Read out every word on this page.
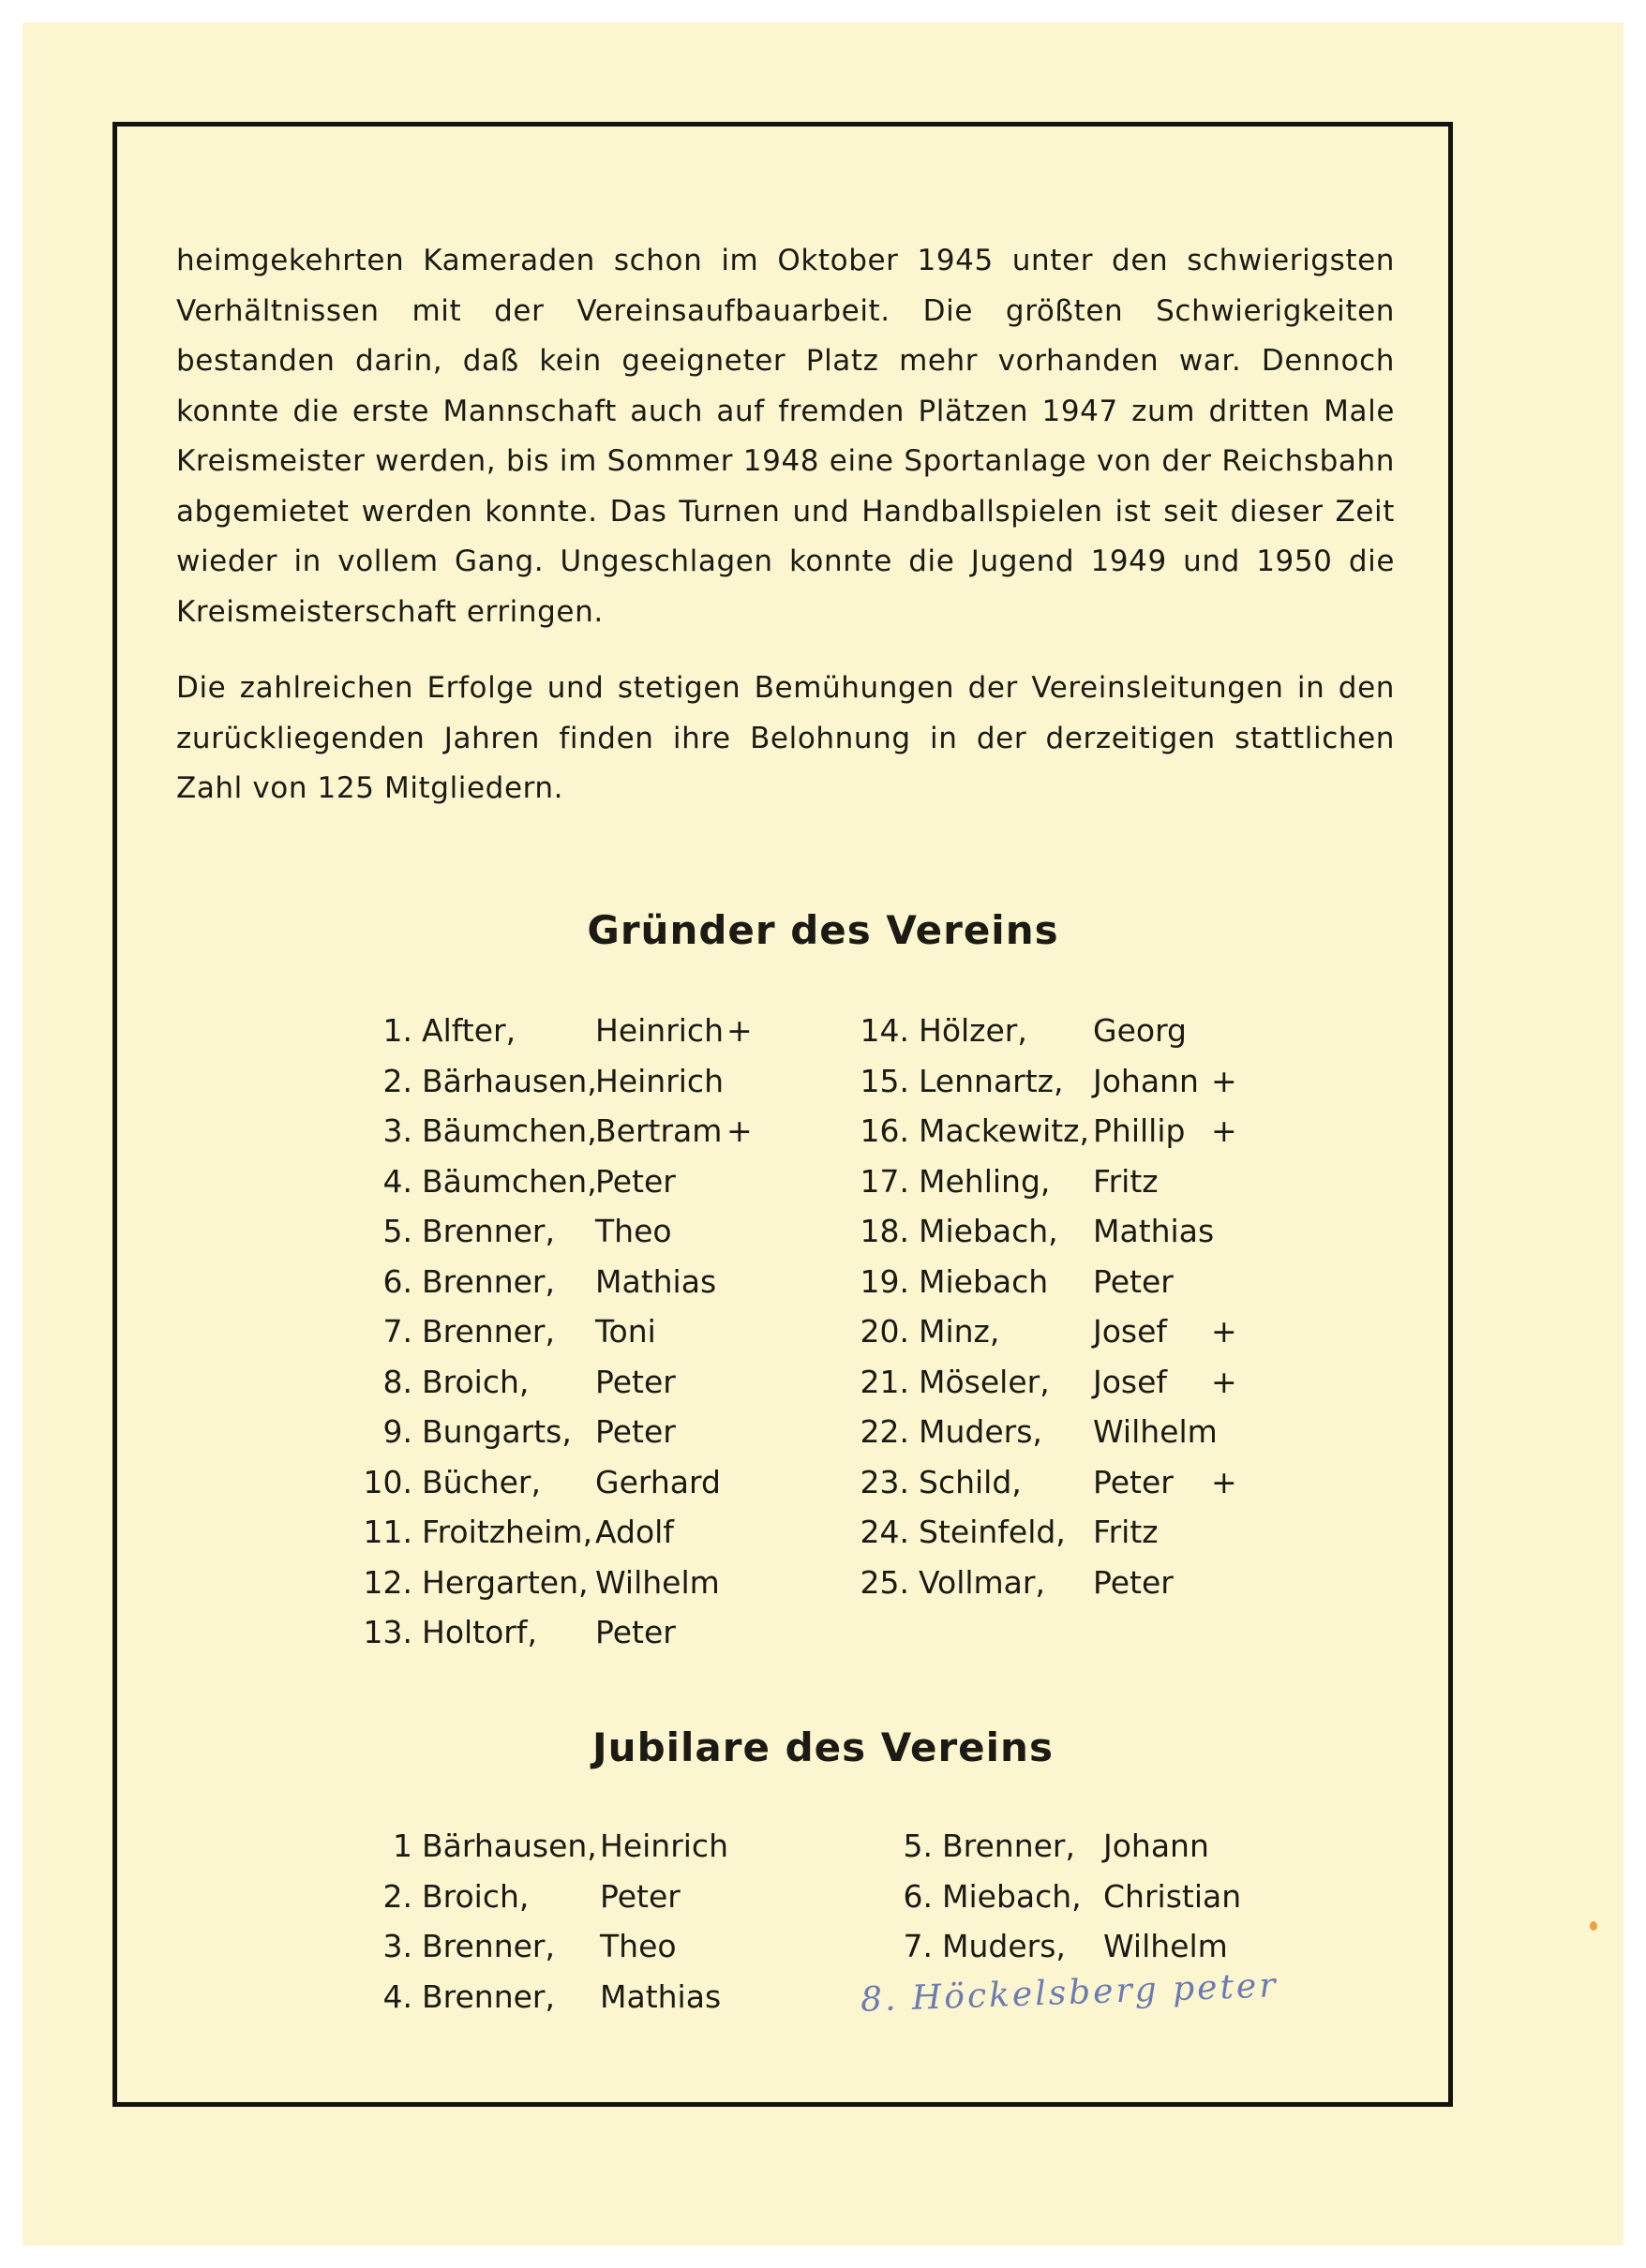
heimgekehrten Kameraden schon im Oktober 1945 unter den schwierigsten Verhältnissen mit der Vereinsaufbauarbeit. Die größten Schwierigkeiten bestanden darin, daß kein geeigneter Platz mehr vorhanden war. Dennoch konnte die erste Mannschaft auch auf fremden Plätzen 1947 zum dritten Male Kreismeister werden, bis im Sommer 1948 eine Sportanlage von der Reichsbahn abgemietet werden konnte. Das Turnen und Handballspielen ist seit dieser Zeit wieder in vollem Gang. Ungeschlagen konnte die Jugend 1949 und 1950 die Kreismeisterschaft erringen.

Die zahlreichen Erfolge und stetigen Bemühungen der Vereinsleitungen in den zurückliegenden Jahren finden ihre Belohnung in der derzeitigen stattlichen Zahl von 125 Mitgliedern.

Gründer des Vereins
1. Alfter,	Heinrich +
2. Bärhausen,
Heinrich
3. Bäumchen,
Bertram +
4. Bäumchen,
Peter
5. Brenner, Theo
6. Brenner, Mathias
7. Brenner, Toni
8. Broich, Peter
9. Bungarts, Peter
10. Bücher, Gerhard
11. Froitzheim, Adolf
12. Hergarten, Wilhelm
13. Holtorf, Peter
14. Hölzer, Georg
15. Lennartz, Johann +
16. Mackewitz, Phillip +
17. Mehling, Fritz
18. Miebach, Mathias
19. Miebach Peter
20. Minz,	Josef +
21. Möseler, Josef +
22. Muders, Wilhelm
23. Schild, Peter +
24. Steinfeld, Fritz
25. Vollmar, Peter
Jubilare des Vereins
1 Bärhausen, Heinrich
2. Broich, Peter
3. Brenner, Theo
4. Brenner, Mathias
5. Brenner, Johann
6. Miebach, Christian
7. Muders, Wilhelm
8. Höckelsberg peter
